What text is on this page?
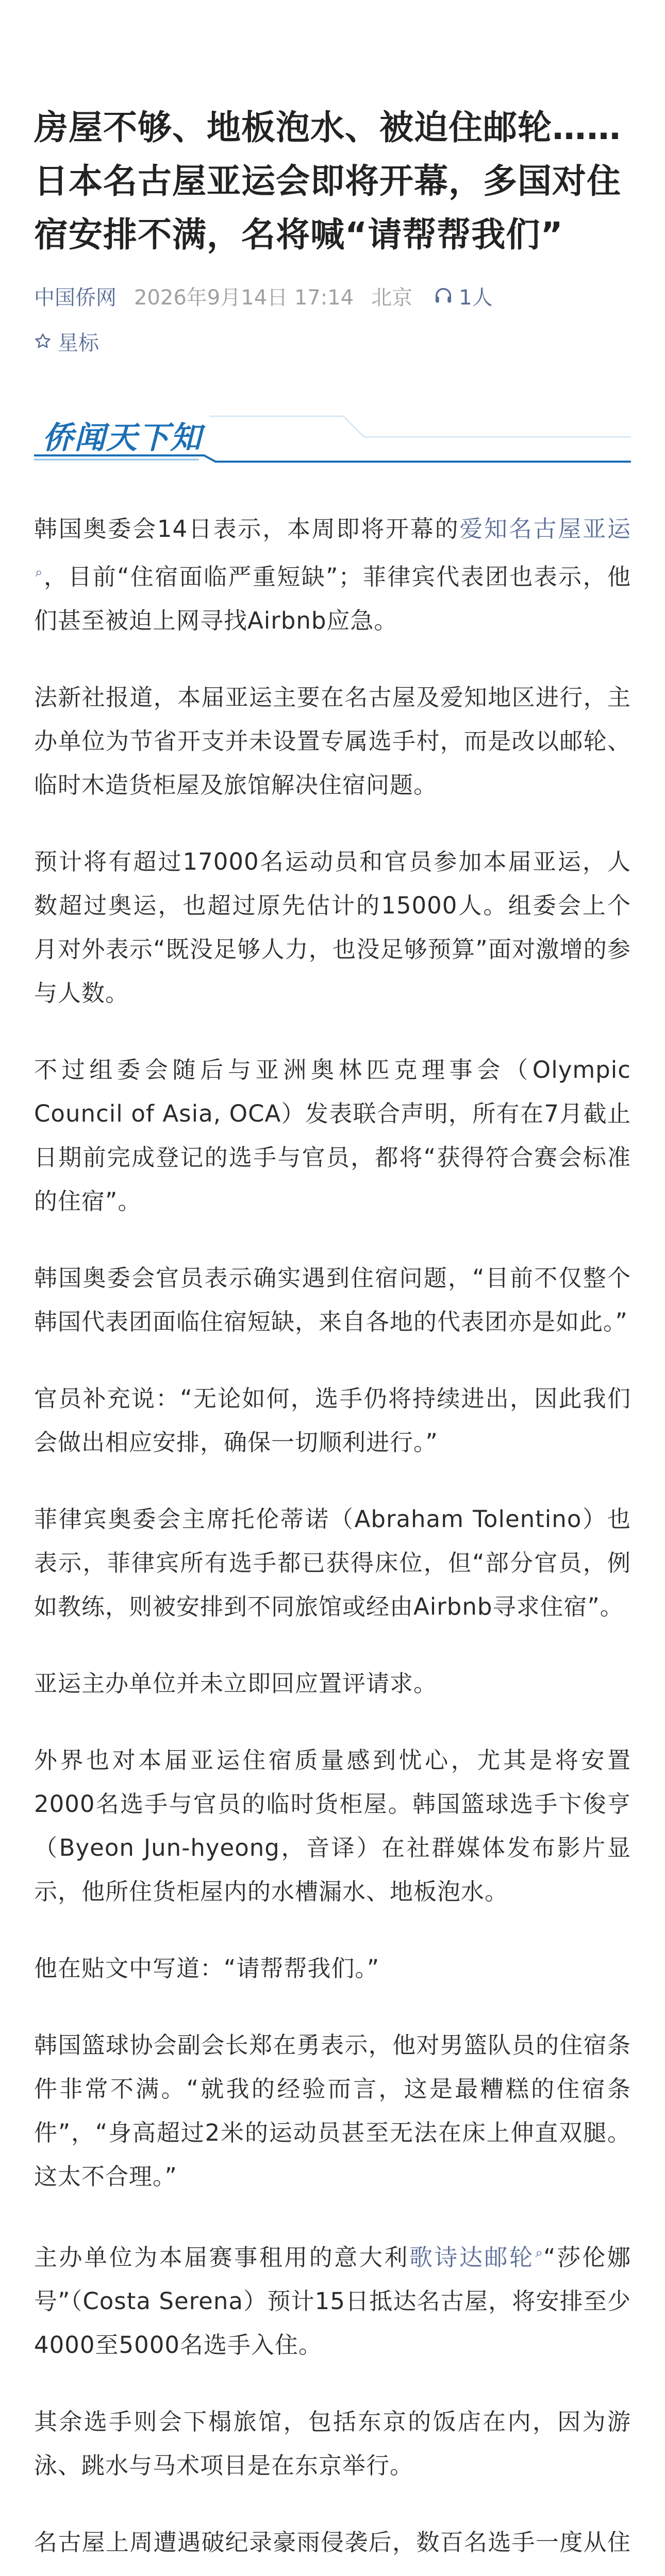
房屋不够、地板泡水、被迫住邮轮……日本名古屋亚运会即将开幕，多国对住宿安排不满，名将喊“请帮帮我们”
中国侨网 2026年9月14日 17:14 北京 1人
星标
侨闻天下知

韩国奥委会14日表示，本周即将开幕的爱知名古屋亚运⌕，目前“住宿面临严重短缺”；菲律宾代表团也表示，他们甚至被迫上网寻找Airbnb应急。

法新社报道，本届亚运主要在名古屋及爱知地区进行，主办单位为节省开支并未设置专属选手村，而是改以邮轮、临时木造货柜屋及旅馆解决住宿问题。

预计将有超过17000名运动员和官员参加本届亚运，人数超过奥运，也超过原先估计的15000人。组委会上个月对外表示“既没足够人力，也没足够预算”面对激增的参与人数。

不过组委会随后与亚洲奥林匹克理事会（Olympic Council of Asia, OCA）发表联合声明，所有在7月截止日期前完成登记的选手与官员，都将“获得符合赛会标准的住宿”。

韩国奥委会官员表示确实遇到住宿问题，“目前不仅整个韩国代表团面临住宿短缺，来自各地的代表团亦是如此。”

官员补充说：“无论如何，选手仍将持续进出，因此我们会做出相应安排，确保一切顺利进行。”

菲律宾奥委会主席托伦蒂诺（Abraham Tolentino）也表示，菲律宾所有选手都已获得床位，但“部分官员，例如教练，则被安排到不同旅馆或经由Airbnb寻求住宿”。

亚运主办单位并未立即回应置评请求。

外界也对本届亚运住宿质量感到忧心，尤其是将安置2000名选手与官员的临时货柜屋。韩国篮球选手卞俊亨（Byeon Jun-hyeong，音译）在社群媒体发布影片显示，他所住货柜屋内的水槽漏水、地板泡水。

他在贴文中写道：“请帮帮我们。”

韩国篮球协会副会长郑在勇表示，他对男篮队员的住宿条件非常不满。“就我的经验而言，这是最糟糕的住宿条件”，“身高超过2米的运动员甚至无法在床上伸直双腿。这太不合理。”

主办单位为本届赛事租用的意大利歌诗达邮轮⌕“莎伦娜号”（Costa Serena）预计15日抵达名古屋，将安排至少4000至5000名选手入住。

其余选手则会下榻旅馆，包括东京的饭店在内，因为游泳、跳水与马术项目是在东京举行。

名古屋上周遭遇破纪录豪雨侵袭后，数百名选手一度从住
